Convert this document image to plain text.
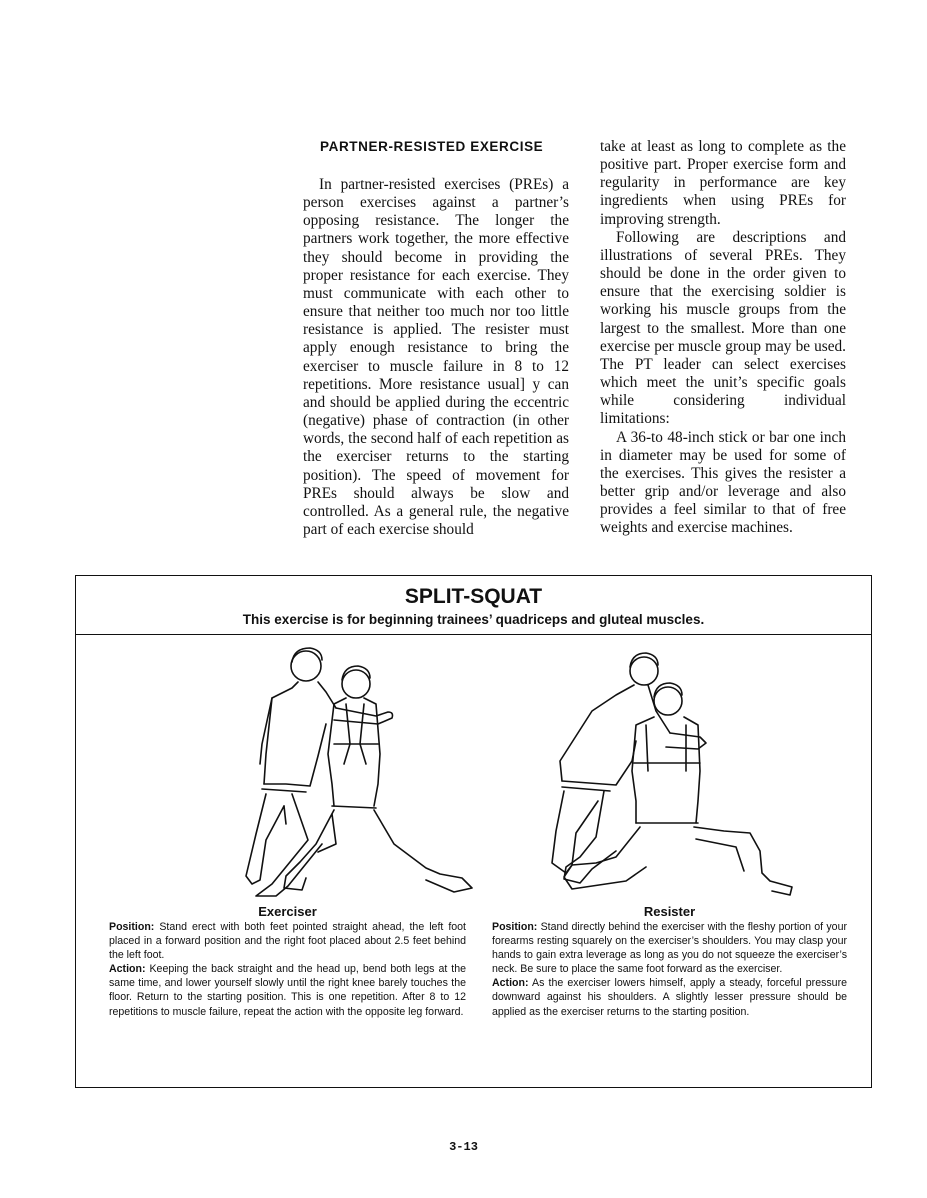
PARTNER-RESISTED EXERCISE

In partner-resisted exercises (PREs) a person exercises against a partner’s opposing resistance. The longer the partners work together, the more effective they should become in providing the proper resistance for each exercise. They must communicate with each other to ensure that neither too much nor too little resistance is applied. The resister must apply enough resistance to bring the exerciser to muscle failure in 8 to 12 repetitions. More resistance usual] y can and should be applied during the eccentric (negative) phase of contraction (in other words, the second half of each repetition as the exerciser returns to the starting position). The speed of movement for PREs should always be slow and controlled. As a general rule, the negative part of each exercise should

take at least as long to complete as the positive part. Proper exercise form and regularity in performance are key ingredients when using PREs for improving strength.

Following are descriptions and illustrations of several PREs. They should be done in the order given to ensure that the exercising soldier is working his muscle groups from the largest to the smallest. More than one exercise per muscle group may be used. The PT leader can select exercises which meet the unit’s specific goals while considering individual limitations:

A 36-to 48-inch stick or bar one inch in diameter may be used for some of the exercises. This gives the resister a better grip and/or leverage and also provides a feel similar to that of free weights and exercise machines.

SPLIT-SQUAT
This exercise is for beginning trainees’ quadriceps and gluteal muscles.
Exerciser

Position: Stand erect with both feet pointed straight ahead, the left foot placed in a forward position and the right foot placed about 2.5 feet behind the left foot.

Action: Keeping the back straight and the head up, bend both legs at the same time, and lower yourself slowly until the right knee barely touches the floor. Return to the starting position. This is one repetition. After 8 to 12 repetitions to muscle failure, repeat the action with the opposite leg forward.

Resister

Position: Stand directly behind the exerciser with the fleshy portion of your forearms resting squarely on the exerciser’s shoulders. You may clasp your hands to gain extra leverage as long as you do not squeeze the exerciser’s neck. Be sure to place the same foot forward as the exerciser.

Action: As the exerciser lowers himself, apply a steady, forceful pressure downward against his shoulders. A slightly lesser pressure should be applied as the exerciser returns to the starting position.

3-13
